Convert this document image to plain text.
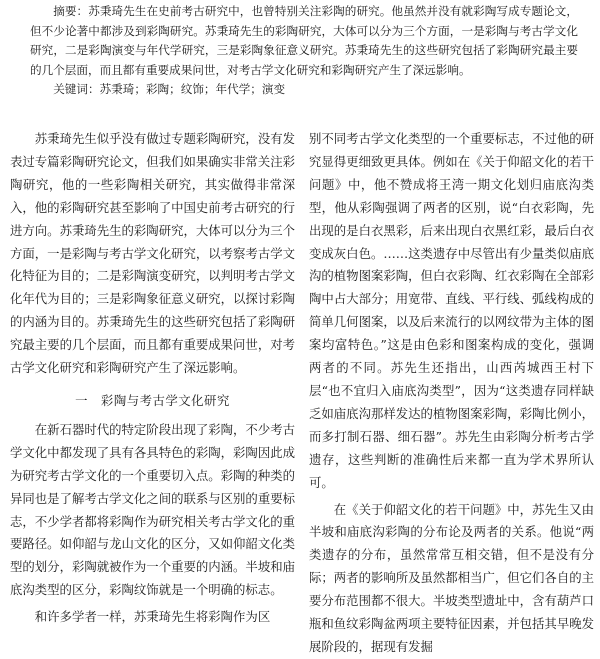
摘要：苏秉琦先生在史前考古研究中，也曾特别关注彩陶的研究。他虽然并没有就彩陶写成专题论文，但不少论著中都涉及到彩陶研究。苏秉琦先生的彩陶研究，大体可以分为三个方面，一是彩陶与考古学文化研究，二是彩陶演变与年代学研究，三是彩陶象征意义研究。苏秉琦先生的这些研究包括了彩陶研究最主要的几个层面，而且都有重要成果问世，对考古学文化研究和彩陶研究产生了深远影响。

关键词：苏秉琦；彩陶；纹饰；年代学；演变

苏秉琦先生似乎没有做过专题彩陶研究，没有发表过专篇彩陶研究论文，但我们如果确实非常关注彩陶研究，他的一些彩陶相关研究，其实做得非常深入，他的彩陶研究甚至影响了中国史前考古研究的行进方向。苏秉琦先生的彩陶研究，大体可以分为三个方面，一是彩陶与考古学文化研究，以考察考古学文化特征为目的；二是彩陶演变研究，以判明考古学文化年代为目的；三是彩陶象征意义研究，以探讨彩陶的内涵为目的。苏秉琦先生的这些研究包括了彩陶研究最主要的几个层面，而且都有重要成果问世，对考古学文化研究和彩陶研究产生了深远影响。

一　彩陶与考古学文化研究

在新石器时代的特定阶段出现了彩陶，不少考古学文化中都发现了具有各具特色的彩陶，彩陶因此成为研究考古学文化的一个重要切入点。彩陶的种类的异同也是了解考古学文化之间的联系与区别的重要标志，不少学者都将彩陶作为研究相关考古学文化的重要路径。如仰韶与龙山文化的区分，又如仰韶文化类型的划分，彩陶就被作为一个重要的内涵。半坡和庙底沟类型的区分，彩陶纹饰就是一个明确的标志。

和许多学者一样，苏秉琦先生将彩陶作为区

别不同考古学文化类型的一个重要标志，不过他的研究显得更细致更具体。例如在《关于仰韶文化的若干问题》中，他不赞成将王湾一期文化划归庙底沟类型，他从彩陶强调了两者的区别，说“白衣彩陶，先出现的是白衣黑彩，后来出现白衣黑红彩，最后白衣变成灰白色。……这类遗存中尽管出有少量类似庙底沟的植物图案彩陶，但白衣彩陶、红衣彩陶在全部彩陶中占大部分；用宽带、直线、平行线、弧线构成的简单几何图案，以及后来流行的以网纹带为主体的图案均富特色。”这是由色彩和图案构成的变化，强调两者的不同。苏先生还指出，山西芮城西王村下层“也不宜归入庙底沟类型”，因为“这类遗存同样缺乏如庙底沟那样发达的植物图案彩陶，彩陶比例小，而多打制石器、细石器”。苏先生由彩陶分析考古学遗存，这些判断的准确性后来都一直为学术界所认可。

在《关于仰韶文化的若干问题》中，苏先生又由半坡和庙底沟彩陶的分布论及两者的关系。他说“两类遗存的分布，虽然常常互相交错，但不是没有分际；两者的影响所及虽然都相当广，但它们各自的主要分布范围都不很大。半坡类型遗址中，含有葫芦口瓶和鱼纹彩陶盆两项主要特征因素，并包括其早晚发展阶段的，据现有发掘
